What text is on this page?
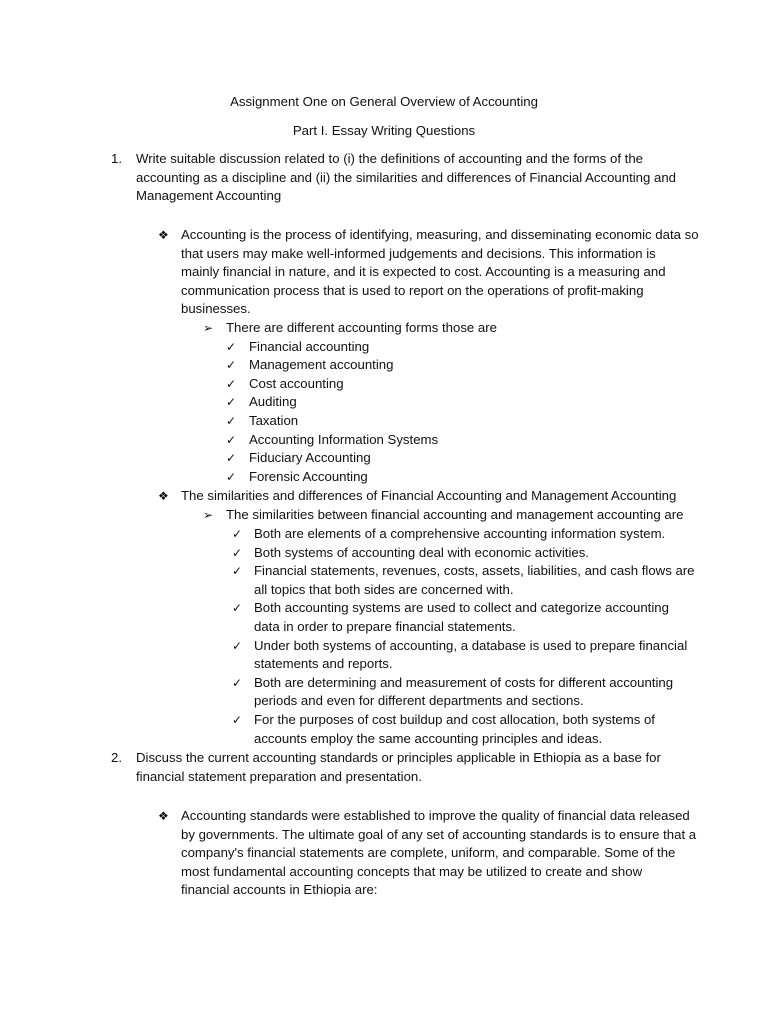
Assignment One on General Overview of Accounting
Part I. Essay Writing Questions
1. Write suitable discussion related to (i) the definitions of accounting and the forms of the
accounting as a discipline and (ii) the similarities and differences of Financial Accounting and
Management Accounting
❖ Accounting is the process of identifying, measuring, and disseminating economic data so
that users may make well-informed judgements and decisions. This information is
mainly financial in nature, and it is expected to cost. Accounting is a measuring and
communication process that is used to report on the operations of profit-making
businesses.
➢ There are different accounting forms those are
✓ Financial accounting
✓ Management accounting
✓ Cost accounting
✓ Auditing
✓ Taxation
✓ Accounting Information Systems
✓ Fiduciary Accounting
✓ Forensic Accounting
❖ The similarities and differences of Financial Accounting and Management Accounting
➢ The similarities between financial accounting and management accounting are
✓ Both are elements of a comprehensive accounting information system.
✓ Both systems of accounting deal with economic activities.
✓ Financial statements, revenues, costs, assets, liabilities, and cash flows are
all topics that both sides are concerned with.
✓ Both accounting systems are used to collect and categorize accounting
data in order to prepare financial statements.
✓ Under both systems of accounting, a database is used to prepare financial
statements and reports.
✓ Both are determining and measurement of costs for different accounting
periods and even for different departments and sections.
✓ For the purposes of cost buildup and cost allocation, both systems of
accounts employ the same accounting principles and ideas.
2. Discuss the current accounting standards or principles applicable in Ethiopia as a base for
financial statement preparation and presentation.
❖ Accounting standards were established to improve the quality of financial data released
by governments. The ultimate goal of any set of accounting standards is to ensure that a
company's financial statements are complete, uniform, and comparable. Some of the
most fundamental accounting concepts that may be utilized to create and show
financial accounts in Ethiopia are:
